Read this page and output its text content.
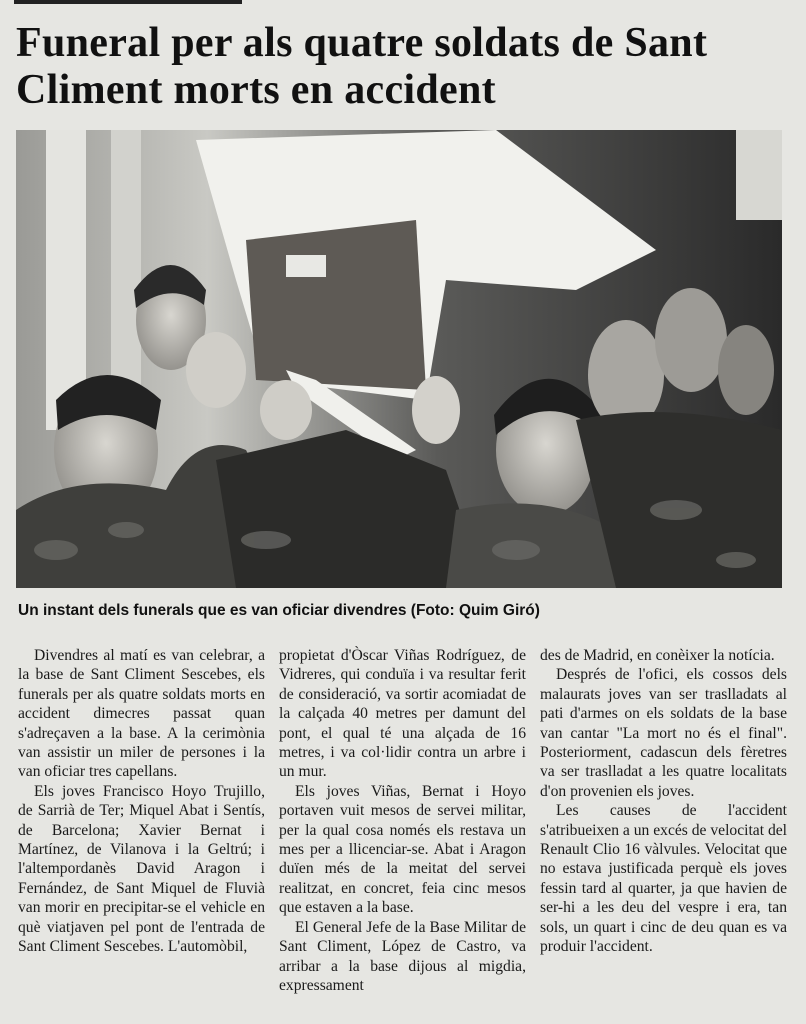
Funeral per als quatre soldats de Sant Climent morts en accident
Un instant dels funerals que es van oficiar divendres (Foto: Quim Giró)

Divendres al matí es van celebrar, a la base de Sant Climent Sescebes, els funerals per als quatre soldats morts en accident dimecres passat quan s'adreçaven a la base. A la cerimònia van assistir un miler de persones i la van oficiar tres capellans.

Els joves Francisco Hoyo Trujillo, de Sarrià de Ter; Miquel Abat i Sentís, de Barcelona; Xavier Bernat i Martínez, de Vilanova i la Geltrú; i l'altempordanès David Aragon i Fernández, de Sant Miquel de Fluvià van morir en precipitar-se el vehicle en què viatjaven pel pont de l'entrada de Sant Climent Sescebes. L'automòbil,

propietat d'Òscar Viñas Rodríguez, de Vidreres, qui conduïa i va resultar ferit de consideració, va sortir acomiadat de la calçada 40 metres per damunt del pont, el qual té una alçada de 16 metres, i va col·lidir contra un arbre i un mur.

Els joves Viñas, Bernat i Hoyo portaven vuit mesos de servei militar, per la qual cosa només els restava un mes per a llicenciar-se. Abat i Aragon duïen més de la meitat del servei realitzat, en concret, feia cinc mesos que estaven a la base.

El General Jefe de la Base Militar de Sant Climent, López de Castro, va arribar a la base dijous al migdia, expressament

des de Madrid, en conèixer la notícia.

Després de l'ofici, els cossos dels malaurats joves van ser traslladats al pati d'armes on els soldats de la base van cantar "La mort no és el final". Posteriorment, cadascun dels fèretres va ser traslladat a les quatre localitats d'on provenien els joves.

Les causes de l'accident s'atribueixen a un excés de velocitat del Renault Clio 16 vàlvules. Velocitat que no estava justificada perquè els joves fessin tard al quarter, ja que havien de ser-hi a les deu del vespre i era, tan sols, un quart i cinc de deu quan es va produir l'accident.
